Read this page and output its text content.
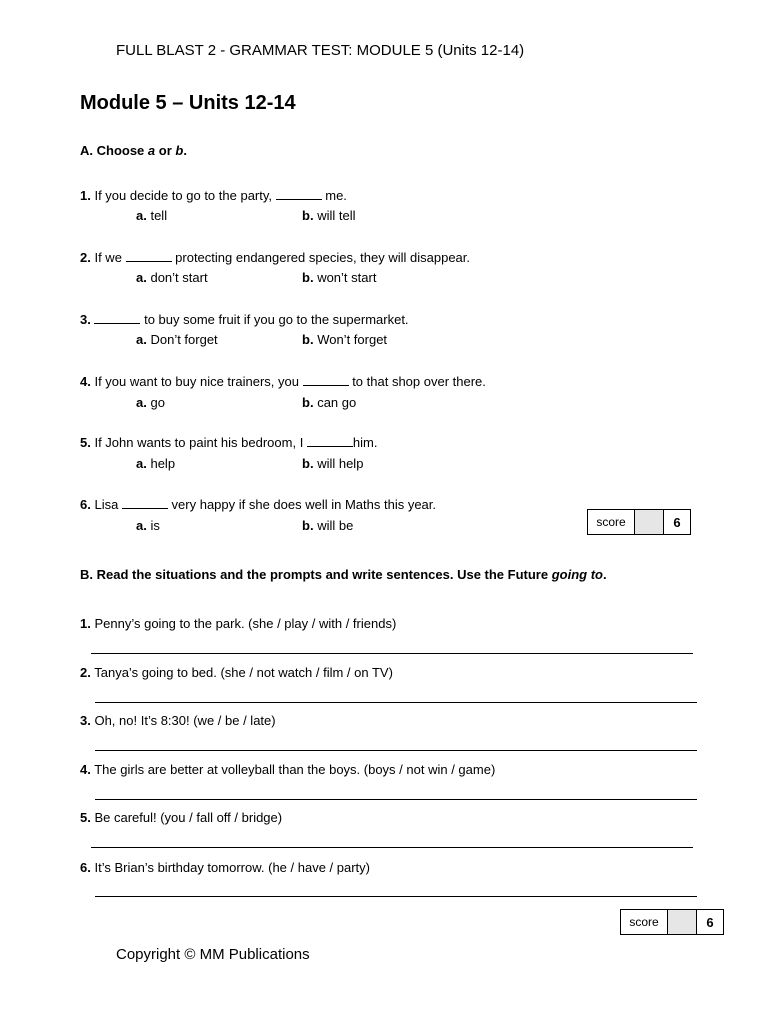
FULL BLAST 2 - GRAMMAR TEST: MODULE 5 (Units 12-14)
Module 5 – Units 12-14
A. Choose a or b.
1. If you decide to go to the party,	me.
a. tell	b. will tell
2. If we	protecting endangered species, they will disappear.
a. don’t start	b. won’t start
3.	to buy some fruit if you go to the supermarket.
a. Don’t forget	b. Won’t forget
4. If you want to buy nice trainers, you	to that shop over there.
a. go	b. can go
5. If John wants to paint his bedroom, I	him.
a. help	b. will help
6. Lisa	very happy if she does well in Maths this year.
a. is	b. will be	score	6
B. Read the situations and the prompts and write sentences. Use the Future going to.
1. Penny’s going to the park. (she / play / with / friends)
2. Tanya’s going to bed. (she / not watch / film / on TV)
3. Oh, no! It’s 8:30! (we / be / late)
4. The girls are better at volleyball than the boys. (boys / not win / game)
5. Be careful! (you / fall off / bridge)
6. It’s Brian’s birthday tomorrow. (he / have / party)
score	6
Copyright © MM Publications
